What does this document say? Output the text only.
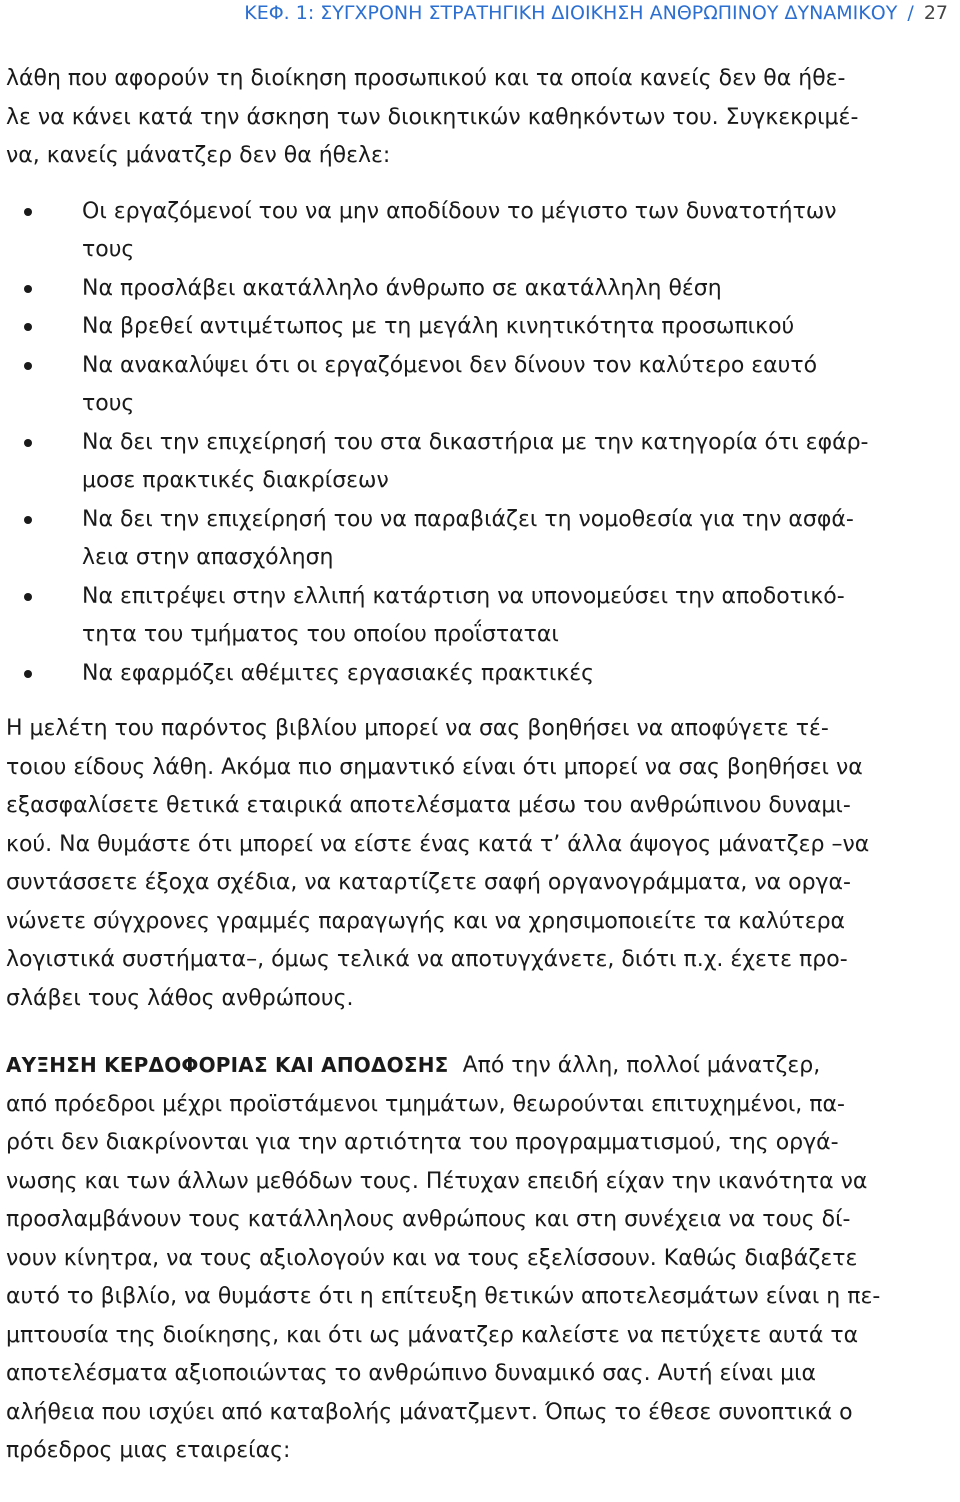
ΚΕΦ. 1: ΣΥΓΧΡΟΝΗ ΣΤΡΑΤΗΓΙΚΗ ΔΙΟΙΚΗΣΗ ΑΝΘΡΩΠΙΝΟΥ ΔΥΝΑΜΙΚΟΥ / 27

λάθη που αφορούν τη διοίκηση προσωπικού και τα οποία κανείς δεν θα ήθε-
λε να κάνει κατά την άσκηση των διοικητικών καθηκόντων του. Συγκεκριμέ-
να, κανείς μάνατζερ δεν θα ήθελε:

Οι εργαζόμενοί του να μην αποδίδουν το μέγιστο των δυνατοτήτων
τους
Να προσλάβει ακατάλληλο άνθρωπο σε ακατάλληλη θέση
Να βρεθεί αντιμέτωπος με τη μεγάλη κινητικότητα προσωπικού
Να ανακαλύψει ότι οι εργαζόμενοι δεν δίνουν τον καλύτερο εαυτό
τους
Να δει την επιχείρησή του στα δικαστήρια με την κατηγορία ότι εφάρ-
μοσε πρακτικές διακρίσεων
Να δει την επιχείρησή του να παραβιάζει τη νομοθεσία για την ασφά-
λεια στην απασχόληση
Να επιτρέψει στην ελλιπή κατάρτιση να υπονομεύσει την αποδοτικό-
τητα του τμήματος του οποίου προΐσταται
Να εφαρμόζει αθέμιτες εργασιακές πρακτικές

Η μελέτη του παρόντος βιβλίου μπορεί να σας βοηθήσει να αποφύγετε τέ-
τοιου είδους λάθη. Ακόμα πιο σημαντικό είναι ότι μπορεί να σας βοηθήσει να
εξασφαλίσετε θετικά εταιρικά αποτελέσματα μέσω του ανθρώπινου δυναμι-
κού. Να θυμάστε ότι μπορεί να είστε ένας κατά τ’ άλλα άψογος μάνατζερ –να
συντάσσετε έξοχα σχέδια, να καταρτίζετε σαφή οργανογράμματα, να οργα-
νώνετε σύγχρονες γραμμές παραγωγής και να χρησιμοποιείτε τα καλύτερα
λογιστικά συστήματα–, όμως τελικά να αποτυγχάνετε, διότι π.χ. έχετε προ-
σλάβει τους λάθος ανθρώπους.

ΑΥΞΗΣΗ ΚΕΡΔΟΦΟΡΙΑΣ ΚΑΙ ΑΠΟΔΟΣΗΣ Από την άλλη, πολλοί μάνατζερ,
από πρόεδροι μέχρι προϊστάμενοι τμημάτων, θεωρούνται επιτυχημένοι, πα-
ρότι δεν διακρίνονται για την αρτιότητα του προγραμματισμού, της οργά-
νωσης και των άλλων μεθόδων τους. Πέτυχαν επειδή είχαν την ικανότητα να
προσλαμβάνουν τους κατάλληλους ανθρώπους και στη συνέχεια να τους δί-
νουν κίνητρα, να τους αξιολογούν και να τους εξελίσσουν. Καθώς διαβάζετε
αυτό το βιβλίο, να θυμάστε ότι η επίτευξη θετικών αποτελεσμάτων είναι η πε-
μπτουσία της διοίκησης, και ότι ως μάνατζερ καλείστε να πετύχετε αυτά τα
αποτελέσματα αξιοποιώντας το ανθρώπινο δυναμικό σας. Αυτή είναι μια
αλήθεια που ισχύει από καταβολής μάνατζμεντ. Όπως το έθεσε συνοπτικά ο
πρόεδρος μιας εταιρείας:
